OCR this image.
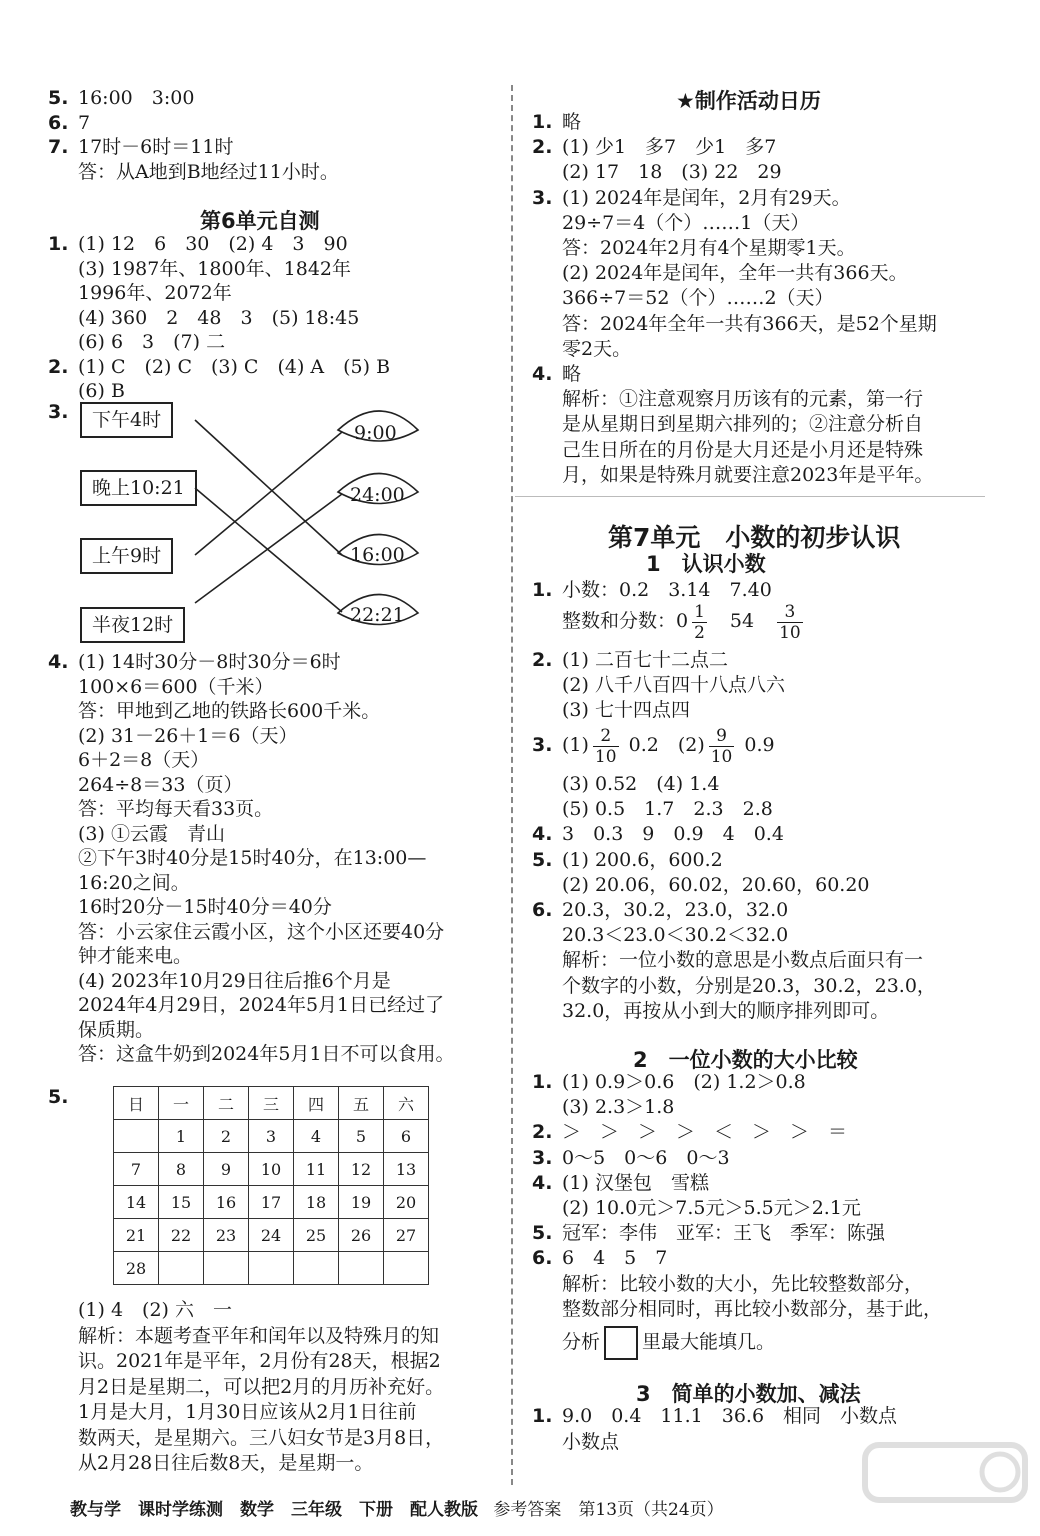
5. 16:00　3:00
6. 7
7. 17时－6时＝11时
答：从A地到B地经过11小时。
第6单元自测
1. (1) 12　6　30　(2) 4　3　90
(3) 1987年、1800年、1842年
1996年、2072年
(4) 360　2　48　3　(5) 18:45
(6) 6　3　(7) 二
2. (1) C　(2) C　(3) C　(4) A　(5) B
(6) B
4. (1) 14时30分－8时30分＝6时
100×6＝600（千米）
答：甲地到乙地的铁路长600千米。
(2) 31－26＋1＝6（天）
6＋2＝8（天）
264÷8＝33（页）
答：平均每天看33页。
(3) ①云霞　青山
②下午3时40分是15时40分，在13:00—
16:20之间。
16时20分－15时40分＝40分
答：小云家住云霞小区，这个小区还要40分
钟才能来电。
(4) 2023年10月29日往后推6个月是
2024年4月29日，2024年5月1日已经过了
保质期。
答：这盒牛奶到2024年5月1日不可以食用。
(1) 4　(2) 六　一
解析：本题考查平年和闰年以及特殊月的知
识。2021年是平年，2月份有28天，根据2
月2日是星期二，可以把2月的月历补充好。
1月是大月，1月30日应该从2月1日往前
数两天，是星期六。三八妇女节是3月8日，
从2月28日往后数8天，是星期一。
3.	下午4时
晚上10:21
上午9时
半夜12时
9:00
24:00
16:00
22:21
5.	日	一	二	三	四	五	六
	1	2	3	4	5	6
7	8	9	10	11	12	13
14	15	16	17	18	19	20
21	22	23	24	25	26	27
28						
★制作活动日历
1. 略
2. (1) 少1　多7　少1　多7
(2) 17　18　(3) 22　29
3. (1) 2024年是闰年，2月有29天。
29÷7＝4（个）……1（天）
答：2024年2月有4个星期零1天。
(2) 2024年是闰年，全年一共有366天。
366÷7＝52（个）……2（天）
答：2024年全年一共有366天，是52个星期
零2天。
4. 略
解析：①注意观察月历该有的元素，第一行
是从星期日到星期六排列的；②注意分析自
己生日所在的月份是大月还是小月还是特殊
月，如果是特殊月就要注意2023年是平年。
第7单元　小数的初步认识
1　认识小数
1. 小数：0.2　3.14　7.40
整数和分数：$0 \frac{1}{2}$ 　54　 $\frac{3}{10}$
2. (1) 二百七十二点二
(2) 八千八百四十八点八六
(3) 七十四点四
3. $(1) \frac{2}{10} 0.2$　$(2) \frac{9}{10} 0.9$
(3) 0.52　(4) 1.4
(5) 0.5　1.7　2.3　2.8
4. 3　0.3　9　0.9　4　0.4
5. (1) 200.6，600.2
(2) 20.06，60.02，20.60，60.20
6. 20.3，30.2，23.0，32.0
20.3＜23.0＜30.2＜32.0
解析：一位小数的意思是小数点后面只有一
个数字的小数，分别是20.3，30.2，23.0，
32.0，再按从小到大的顺序排列即可。
2　一位小数的大小比较
1. (1) 0.9＞0.6　(2) 1.2＞0.8
(3) 2.3＞1.8
2. ＞　＞　＞　＞　＜　＞　＞　＝
3. 0～5　0～6　0～3
4. (1) 汉堡包　雪糕
(2) 10.0元＞7.5元＞5.5元＞2.1元
5. 冠军：李伟　亚军：王飞　季军：陈强
6. 6　4　5　7
解析：比较小数的大小，先比较整数部分，
整数部分相同时，再比较小数部分，基于此，
分析 里最大能填几。
3　简单的小数加、减法
1. 9.0　0.4　11.1　36.6　相同　小数点
小数点
教与学　课时学练测　数学　三年级　下册　配人教版 参考答案　第13页（共24页）
